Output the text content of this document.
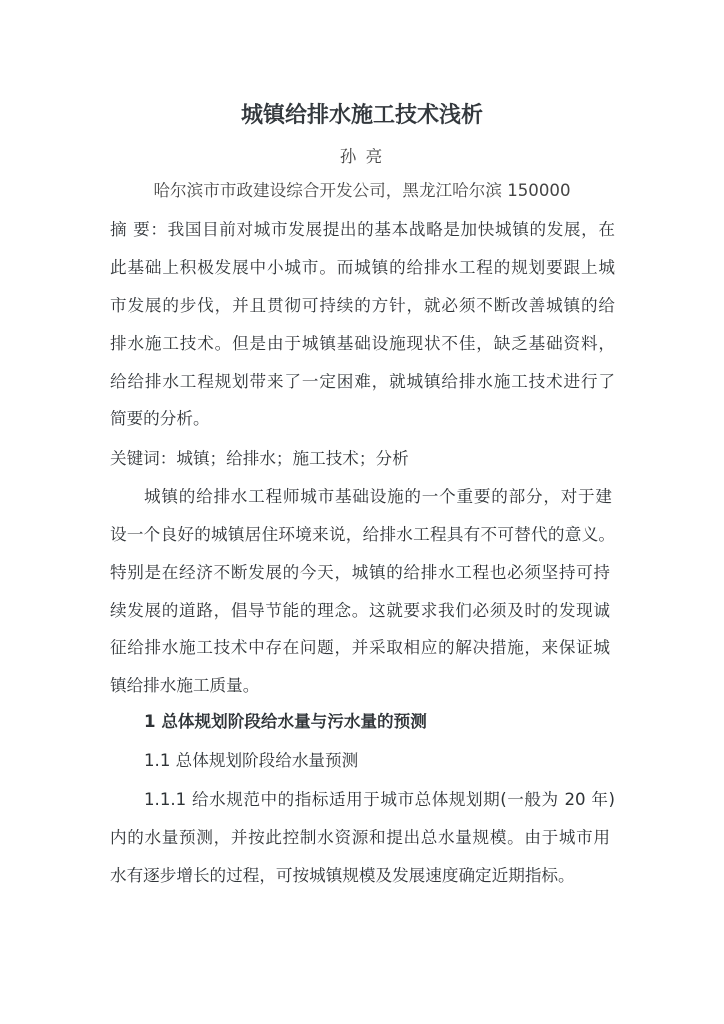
城镇给排水施工技术浅析
孙 亮
哈尔滨市市政建设综合开发公司，黑龙江哈尔滨 150000
摘 要：我国目前对城市发展提出的基本战略是加快城镇的发展，在
此基础上积极发展中小城市。而城镇的给排水工程的规划要跟上城
市发展的步伐，并且贯彻可持续的方针，就必须不断改善城镇的给
排水施工技术。但是由于城镇基础设施现状不佳，缺乏基础资料，
给给排水工程规划带来了一定困难，就城镇给排水施工技术进行了
简要的分析。
关键词：城镇；给排水；施工技术；分析
城镇的给排水工程师城市基础设施的一个重要的部分，对于建
设一个良好的城镇居住环境来说，给排水工程具有不可替代的意义。
特别是在经济不断发展的今天，城镇的给排水工程也必须坚持可持
续发展的道路，倡导节能的理念。这就要求我们必须及时的发现诚
征给排水施工技术中存在问题，并采取相应的解决措施，来保证城
镇给排水施工质量。
1 总体规划阶段给水量与污水量的预测
1.1 总体规划阶段给水量预测
1.1.1 给水规范中的指标适用于城市总体规划期(一般为 20 年)
内的水量预测，并按此控制水资源和提出总水量规模。由于城市用
水有逐步增长的过程，可按城镇规模及发展速度确定近期指标。
